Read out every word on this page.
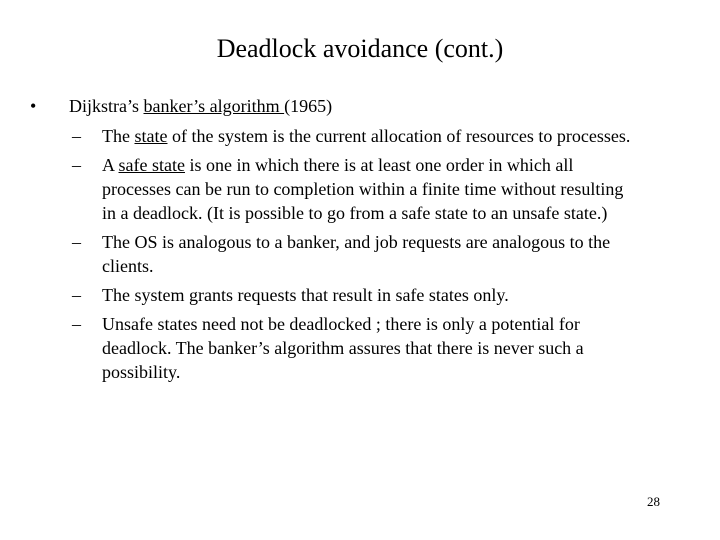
Deadlock avoidance (cont.)
• Dijkstra’s banker’s algorithm (1965)
– The state of the system is the current allocation of resources to processes.
– A safe state is one in which there is at least one order in which all
processes can be run to completion within a finite time without resulting
in a deadlock. (It is possible to go from a safe state to an unsafe state.)
– The OS is analogous to a banker, and job requests are analogous to the
clients.
– The system grants requests that result in safe states only.
– Unsafe states need not be deadlocked ; there is only a potential for
deadlock. The banker’s algorithm assures that there is never such a
possibility.
28
